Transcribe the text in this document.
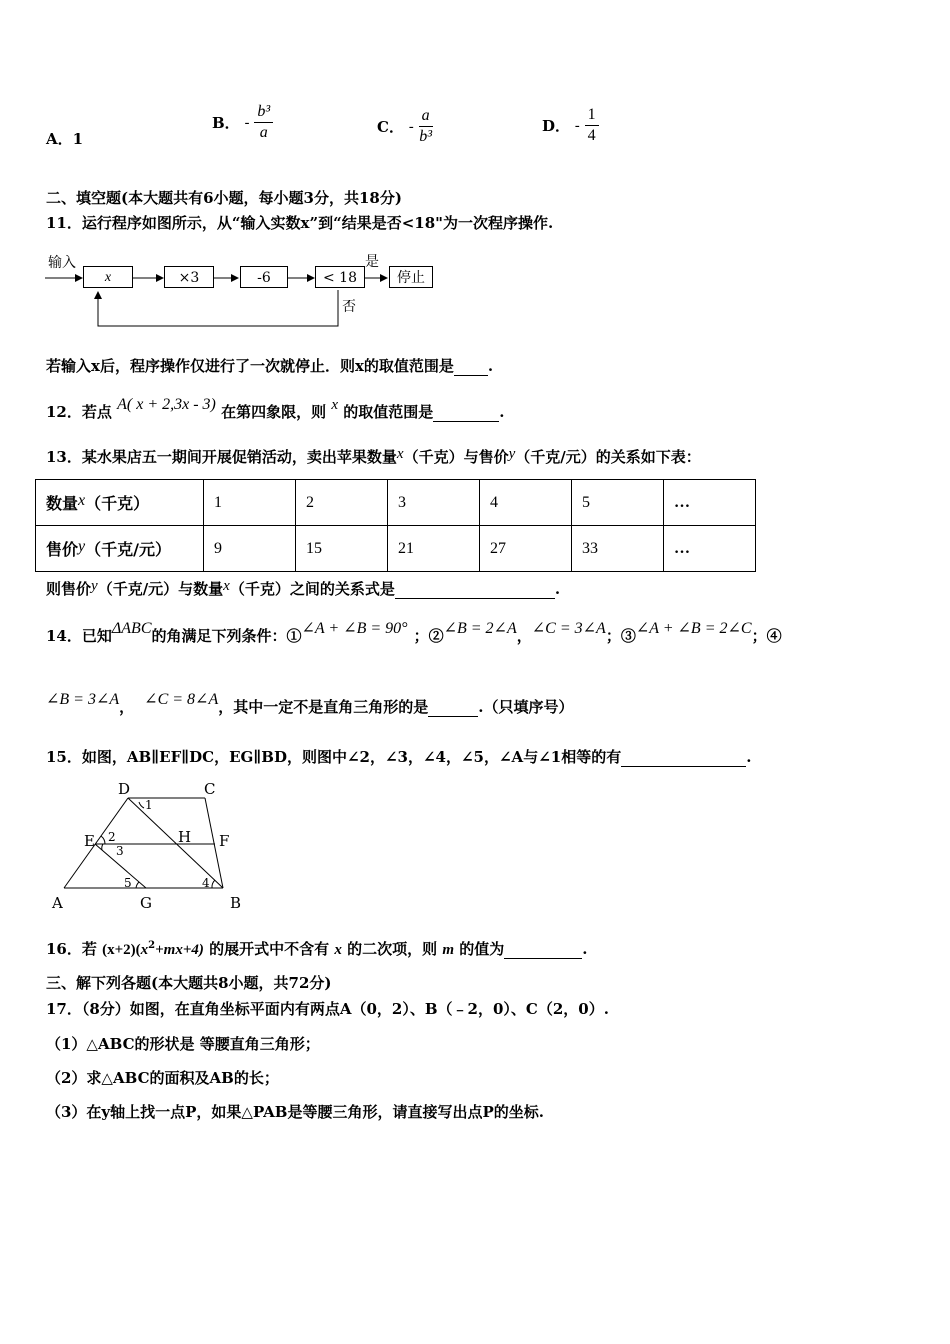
A．1
B． - $\frac{\text{b³}}{a}$	C． - $\frac{a}{\text{b³}}$	D． - $\frac{1}{4}$
二、填空题(本大题共有6小题，每小题3分，共18分)
11．运行程序如图所示，从“输入实数x”到“结果是否<18"为一次程序操作.
输入
x	×3	-6	< 18
是
停止
否
若输入x后，程序操作仅进行了一次就停止．则x的取值范围是 .
12．若点 A( x + 2,3x - 3) 在第四象限，则 x 的取值范围是	.
13．某水果店五一期间开展促销活动，卖出苹果数量x（千克）与售价y（千克/元）的关系如下表：
数量x（千克）	1	2	3	4	5	…
售价y（千克/元）	9	15	21	27	33	…
则售价y（千克/元）与数量x（千克）之间的关系式是	.
14．已知ΔABC的角满足下列条件：①∠A + ∠B = 90° ；②∠B = 2∠A，∠C = 3∠A；③∠A + ∠B = 2∠C；④
∠B = 3∠A， ∠C = 8∠A，其中一定不是直角三角形的是	.（只填序号）
15．如图，AB∥EF∥DC，EG∥BD，则图中∠2，∠3，∠4，∠5，∠A与∠1相等的有	.
D	C
E	F
H
A	G	B
1
2
3
4
5
16．若 $(x+2)(x^2+mx+4)$ 的展开式中不含有 x 的二次项，则 m 的值为	.
三、解下列各题(本大题共8小题，共72分)
17．（8分）如图，在直角坐标平面内有两点A（0，2）、B（﹣2，0）、C（2，0）.
（1）△ABC的形状是 等腰直角三角形；
（2）求△ABC的面积及AB的长；
（3）在y轴上找一点P，如果△PAB是等腰三角形，请直接写出点P的坐标.
